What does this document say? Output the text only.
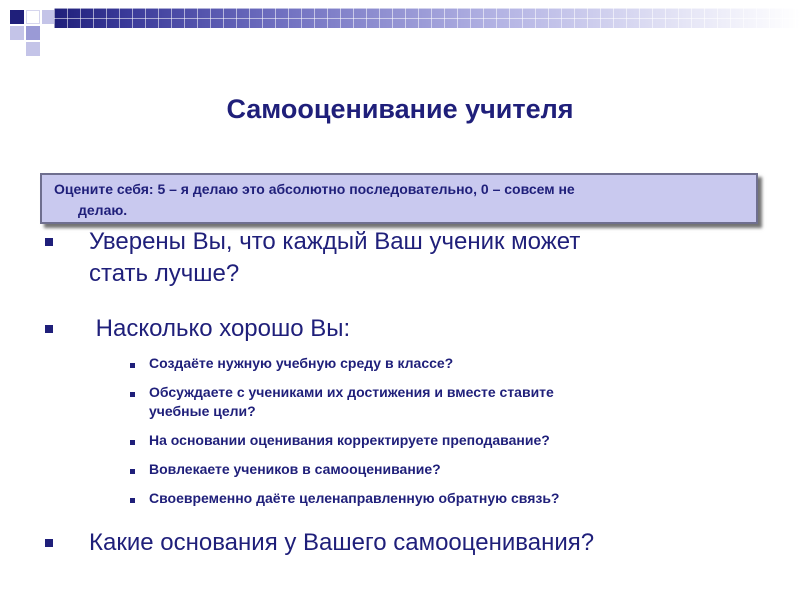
Самооценивание учителя
Оцените себя: 5 – я делаю это абсолютно последовательно, 0 – совсем не
делаю.
Уверены Вы, что каждый Ваш ученик может
стать лучше?
Насколько хорошо Вы:
Создаёте нужную учебную среду в классе?
Обсуждаете с учениками их достижения и вместе ставите
учебные цели?
На основании оценивания корректируете преподавание?
Вовлекаете учеников в самооценивание?
Своевременно даёте целенаправленную обратную связь?
Какие основания у Вашего самооценивания?
